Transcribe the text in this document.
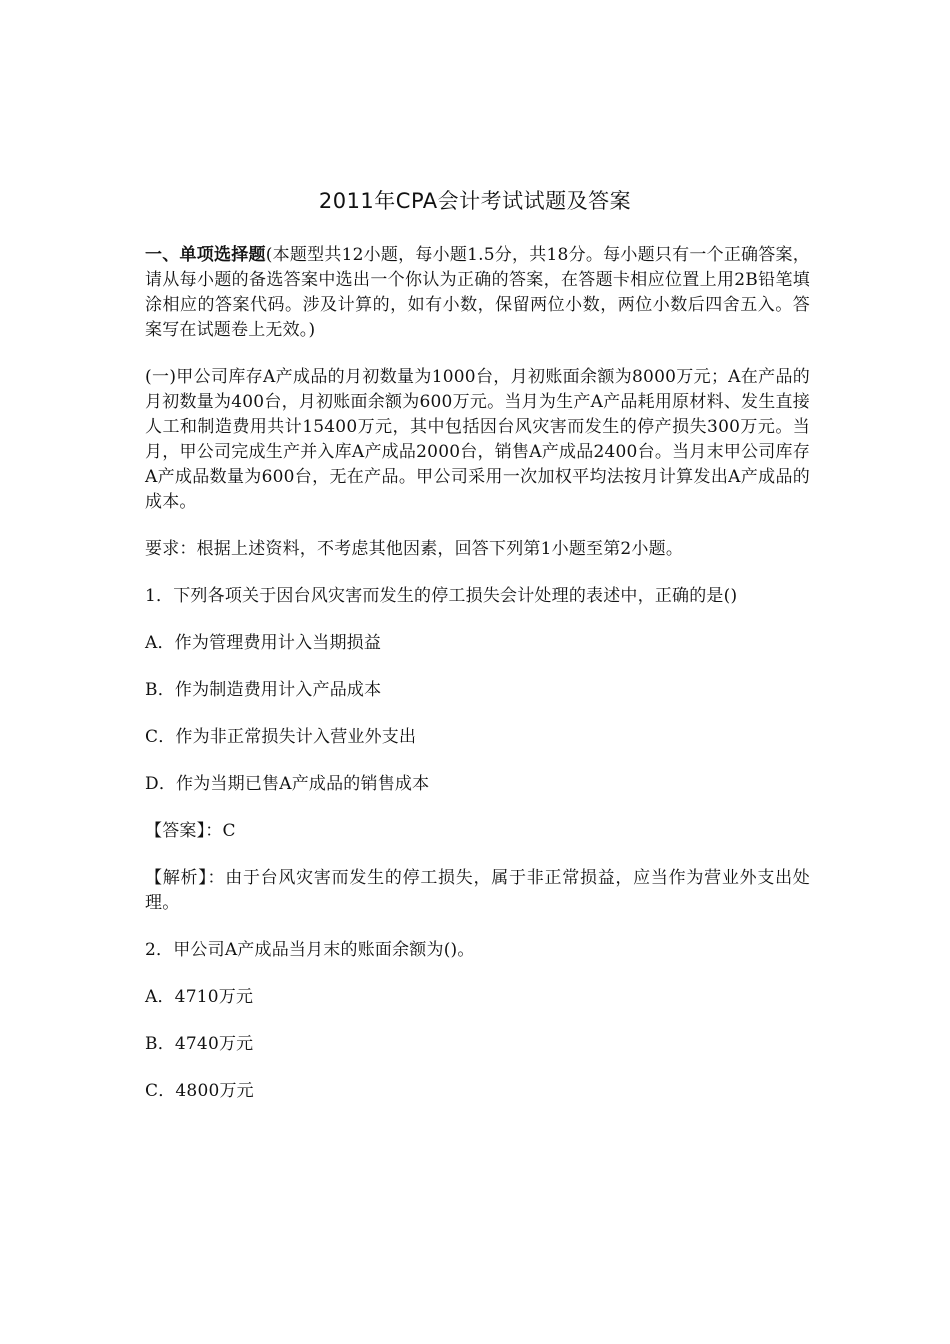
2011年CPA会计考试试题及答案

一、单项选择题(本题型共12小题，每小题1.5分，共18分。每小题只有一个正确答案，请从每小题的备选答案中选出一个你认为正确的答案，在答题卡相应位置上用2B铅笔填涂相应的答案代码。涉及计算的，如有小数，保留两位小数，两位小数后四舍五入。答案写在试题卷上无效。)

(一)甲公司库存A产成品的月初数量为1000台，月初账面余额为8000万元；A在产品的月初数量为400台，月初账面余额为600万元。当月为生产A产品耗用原材料、发生直接人工和制造费用共计15400万元，其中包括因台风灾害而发生的停产损失300万元。当月，甲公司完成生产并入库A产成品2000台，销售A产成品2400台。当月末甲公司库存A产成品数量为600台，无在产品。甲公司采用一次加权平均法按月计算发出A产成品的成本。

要求：根据上述资料，不考虑其他因素，回答下列第1小题至第2小题。

1．下列各项关于因台风灾害而发生的停工损失会计处理的表述中，正确的是()

A．作为管理费用计入当期损益

B．作为制造费用计入产品成本

C．作为非正常损失计入营业外支出

D．作为当期已售A产成品的销售成本

【答案】：C

【解析】：由于台风灾害而发生的停工损失，属于非正常损益，应当作为营业外支出处理。

2．甲公司A产成品当月末的账面余额为()。

A．4710万元

B．4740万元

C．4800万元
